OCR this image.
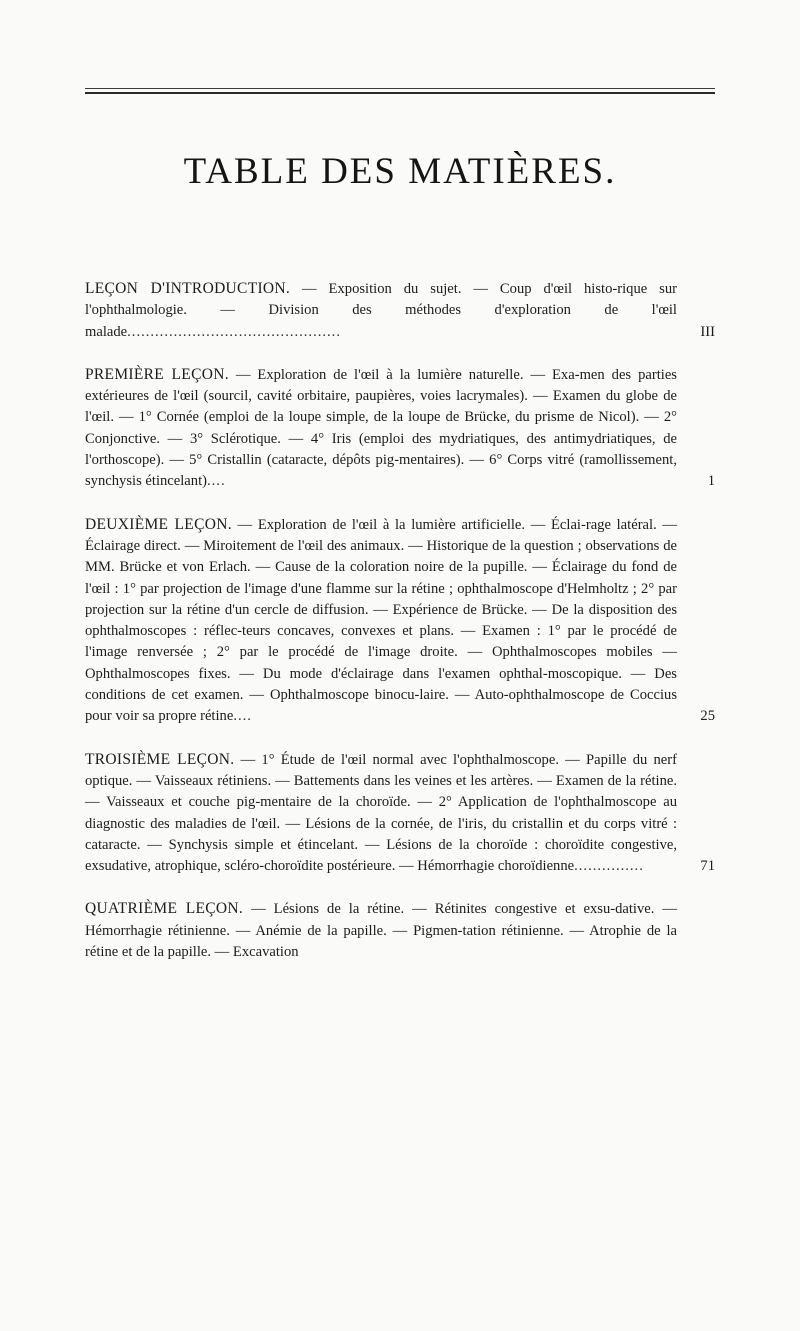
TABLE DES MATIÈRES.
LEÇON D'INTRODUCTION. — Exposition du sujet. — Coup d'œil histo-rique sur l'ophthalmologie. — Division des méthodes d'exploration de l'œil malade..............................................	III
PREMIÈRE LEÇON. — Exploration de l'œil à la lumière naturelle. — Exa-men des parties extérieures de l'œil (sourcil, cavité orbitaire, paupières, voies lacrymales). — Examen du globe de l'œil. — 1° Cornée (emploi de la loupe simple, de la loupe de Brücke, du prisme de Nicol). — 2° Conjonctive. — 3° Sclérotique. — 4° Iris (emploi des mydriatiques, des antimydriatiques, de l'orthoscope). — 5° Cristallin (cataracte, dépôts pig-mentaires). — 6° Corps vitré (ramollissement, synchysis étincelant)....	1
DEUXIÈME LEÇON. — Exploration de l'œil à la lumière artificielle. — Éclai-rage latéral. — Éclairage direct. — Miroitement de l'œil des animaux. — Historique de la question ; observations de MM. Brücke et von Erlach. — Cause de la coloration noire de la pupille. — Éclairage du fond de l'œil : 1° par projection de l'image d'une flamme sur la rétine ; ophthalmoscope d'Helmholtz ; 2° par projection sur la rétine d'un cercle de diffusion. — Expérience de Brücke. — De la disposition des ophthalmoscopes : réflec-teurs concaves, convexes et plans. — Examen : 1° par le procédé de l'image renversée ; 2° par le procédé de l'image droite. — Ophthalmoscopes mobiles — Ophthalmoscopes fixes. — Du mode d'éclairage dans l'examen ophthal-moscopique. — Des conditions de cet examen. — Ophthalmoscope binocu-laire. — Auto-ophthalmoscope de Coccius pour voir sa propre rétine....	25
TROISIÈME LEÇON. — 1° Étude de l'œil normal avec l'ophthalmoscope. — Papille du nerf optique. — Vaisseaux rétiniens. — Battements dans les veines et les artères. — Examen de la rétine. — Vaisseaux et couche pig-mentaire de la choroïde. — 2° Application de l'ophthalmoscope au diagnostic des maladies de l'œil. — Lésions de la cornée, de l'iris, du cristallin et du corps vitré : cataracte. — Synchysis simple et étincelant. — Lésions de la choroïde : choroïdite congestive, exsudative, atrophique, scléro-choroïdite postérieure. — Hémorrhagie choroïdienne...............	71
QUATRIÈME LEÇON. — Lésions de la rétine. — Rétinites congestive et exsu-dative. — Hémorrhagie rétinienne. — Anémie de la papille. — Pigmen-tation rétinienne. — Atrophie de la rétine et de la papille. — Excavation
